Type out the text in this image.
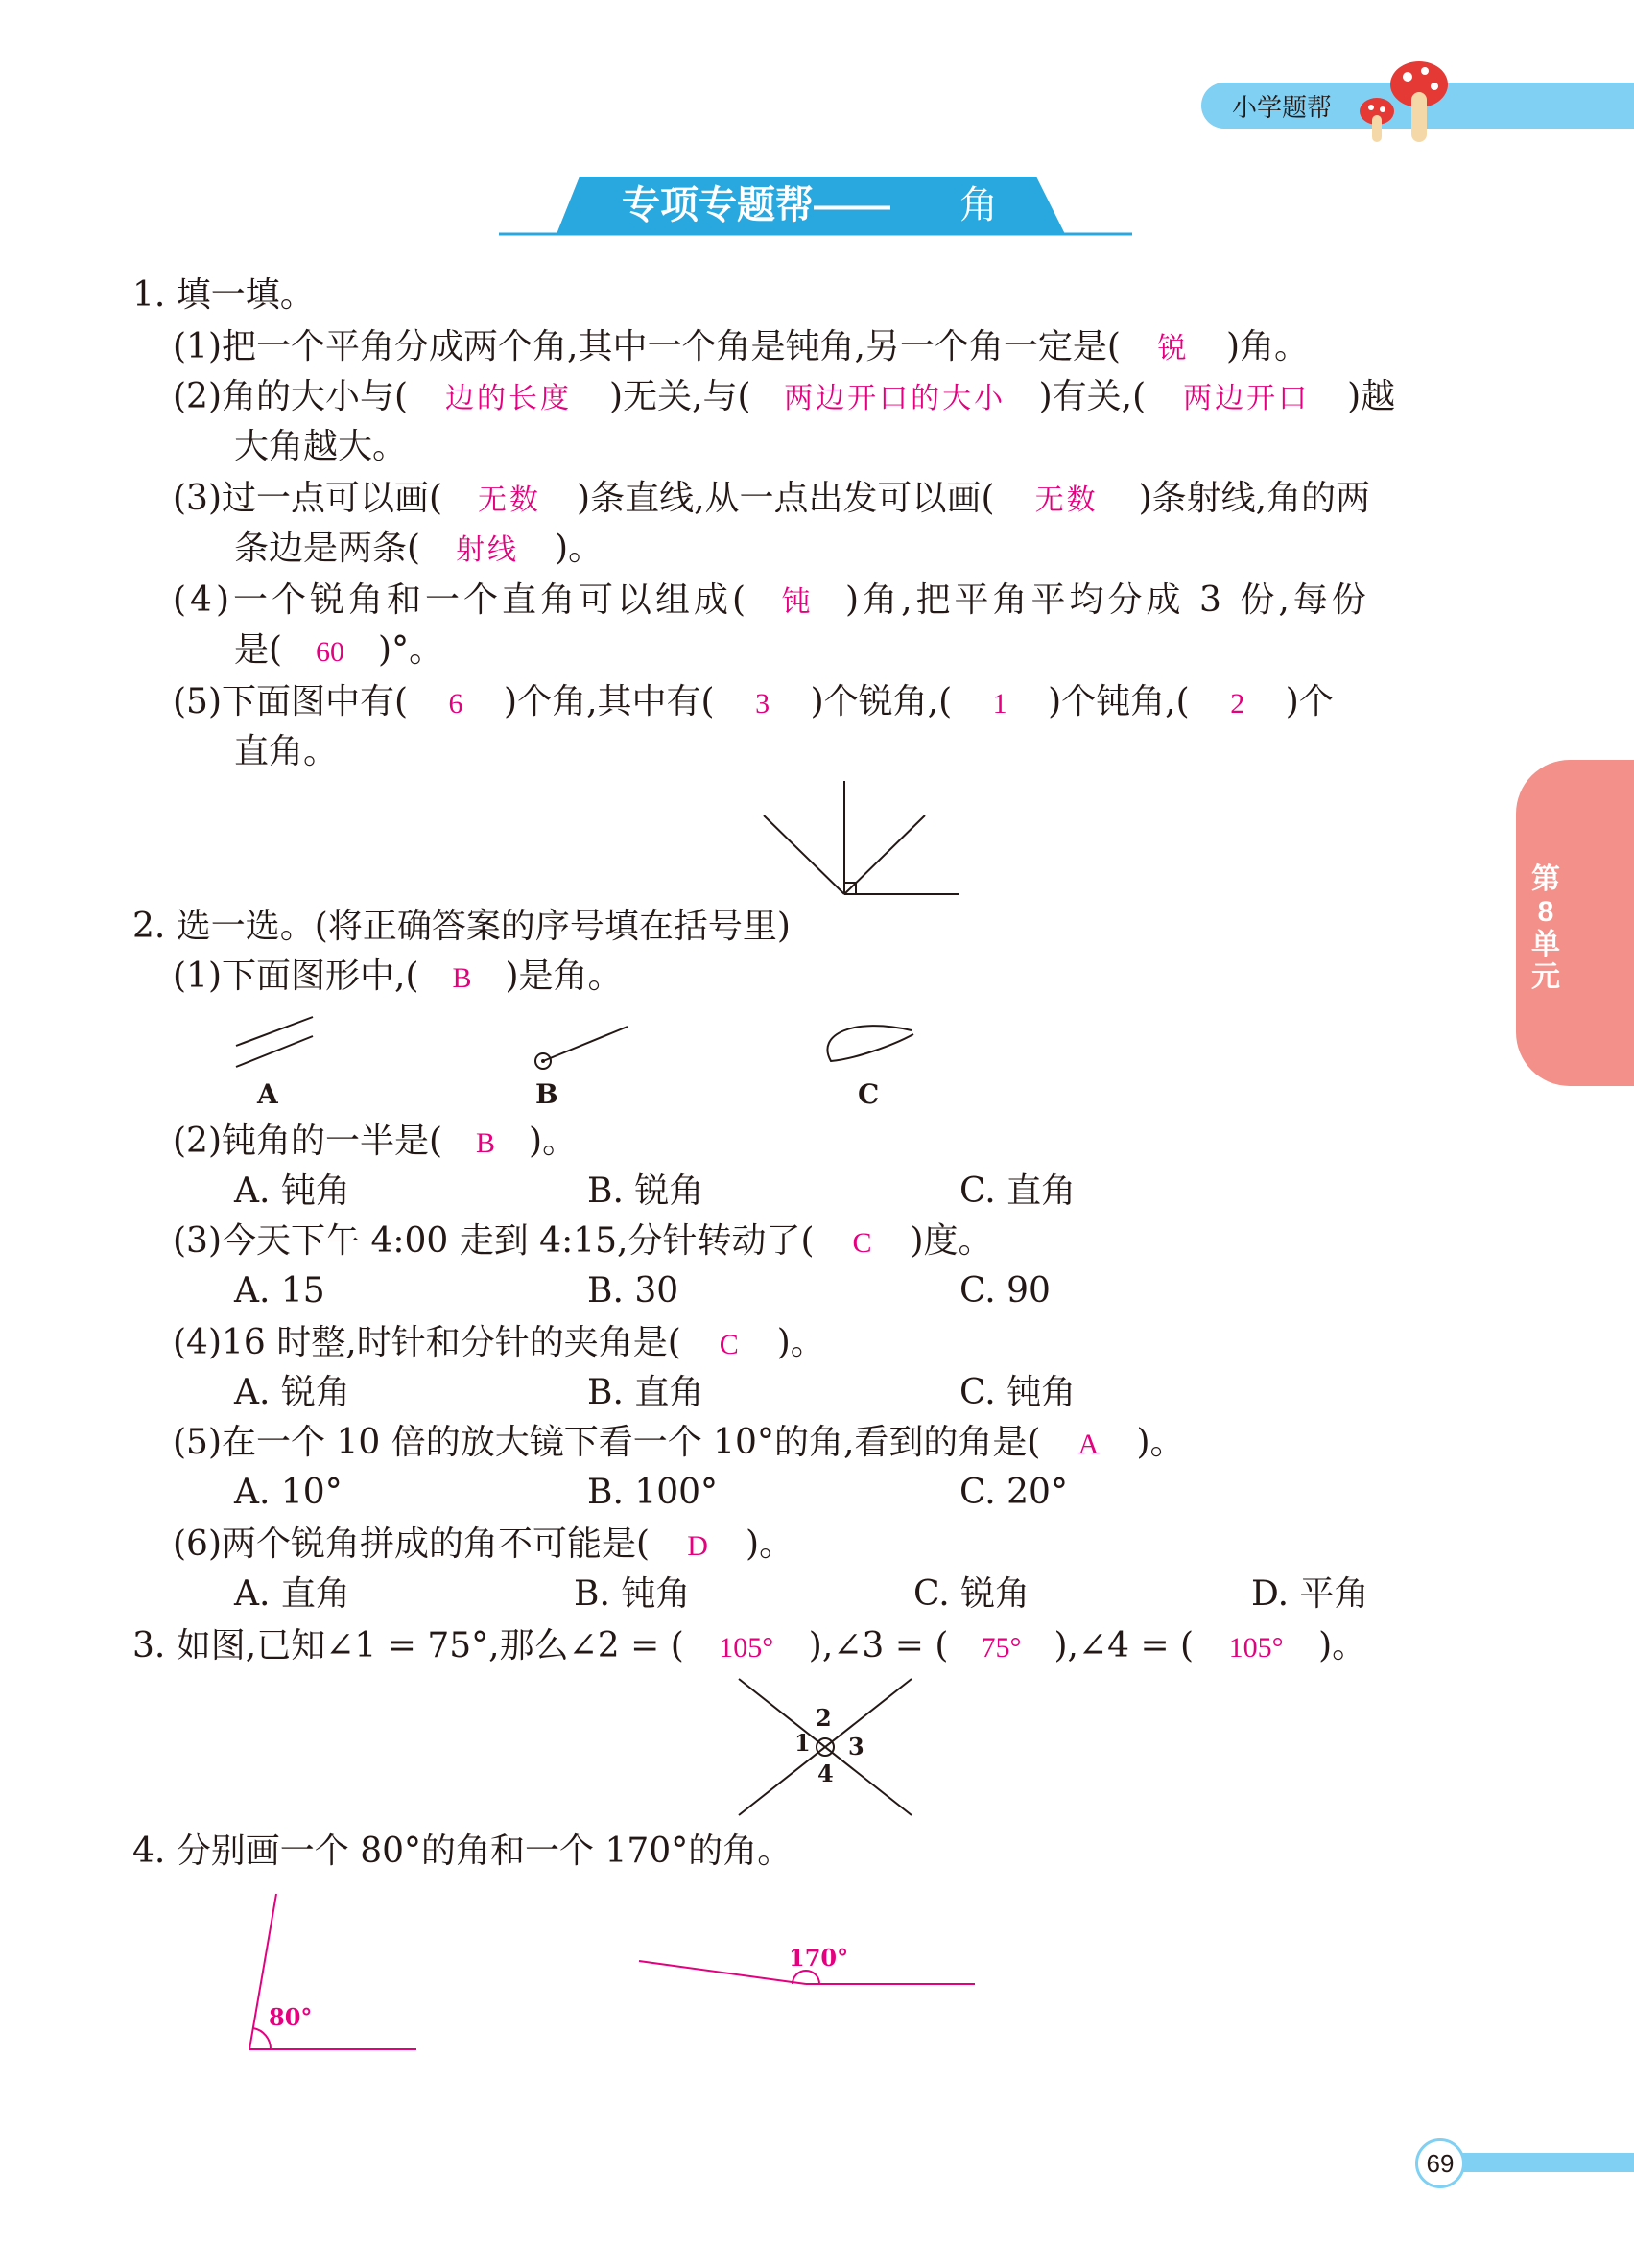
小学题帮
专项专题帮—— 角
第
8
单
元
1. 填一填。
(1)把一个平角分成两个角,其中一个角是钝角,另一个角一定是( 锐 )角。
(2)角的大小与( 边的长度 )无关,与( 两边开口的大小 )有关,( 两边开口 )越
大角越大。
(3)过一点可以画( 无数 )条直线,从一点出发可以画( 无数 )条射线,角的两
条边是两条( 射线 )。
(4)一个锐角和一个直角可以组成( 钝 )角,把平角平均分成 3 份,每份
是( 60 )°。
(5)下面图中有( 6 )个角,其中有( 3 )个锐角,( 1 )个钝角,( 2 )个
直角。
2. 选一选。(将正确答案的序号填在括号里)
(1)下面图形中,( B )是角。
A	B	C
(2)钝角的一半是( B )。
A. 钝角	B. 锐角	C. 直角
(3)今天下午 4:00 走到 4:15,分针转动了( C )度。
A. 15	B. 30	C. 90
(4)16 时整,时针和分针的夹角是( C )。
A. 锐角	B. 直角	C. 钝角
(5)在一个 10 倍的放大镜下看一个 10°的角,看到的角是( A )。
A. 10°	B. 100°	C. 20°
(6)两个锐角拼成的角不可能是( D )。
A. 直角	B. 钝角	C. 锐角	D. 平角
3. 如图,已知∠1 = 75°,那么∠2 = ( 105° ),∠3 = ( 75° ),∠4 = ( 105° )。
1
2
3
4
4. 分别画一个 80°的角和一个 170°的角。
80°
170°
69
